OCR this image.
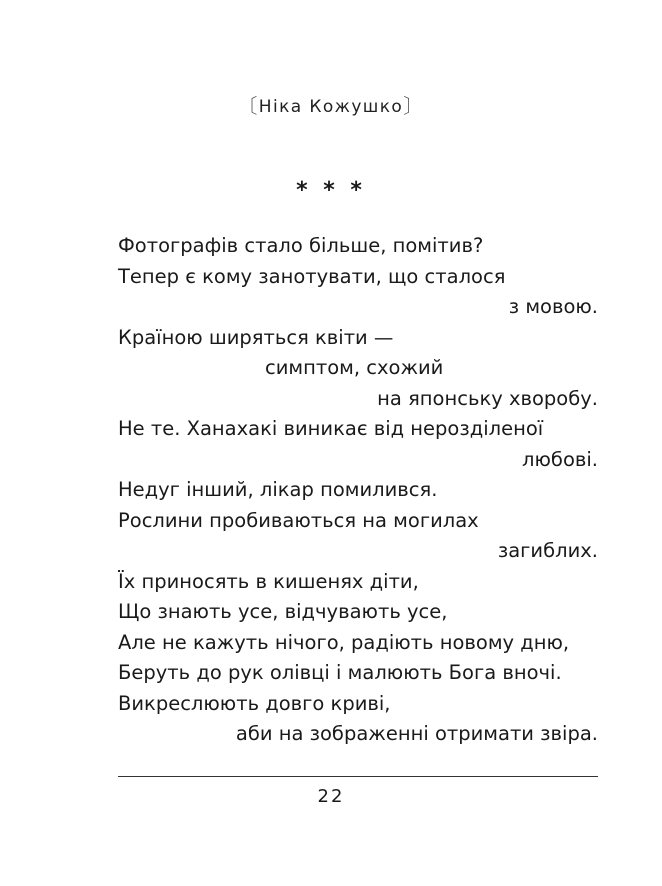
〔Ніка Кожушко〕
* * *
Фотографів стало більше, помітив?
Тепер є кому занотувати, що сталося
з мовою.
Країною ширяться квіти —
симптом, схожий
на японську хворобу.
Не те. Ханахакі виникає від нерозділеної
любові.
Недуг інший, лікар помилився.
Рослини пробиваються на могилах
загиблих.
Їх приносять в кишенях діти,
Що знають усе, відчувають усе,
Але не кажуть нічого, радіють новому дню,
Беруть до рук олівці і малюють Бога вночі.
Викреслюють довго криві,
аби на зображенні отримати звіра.
22
